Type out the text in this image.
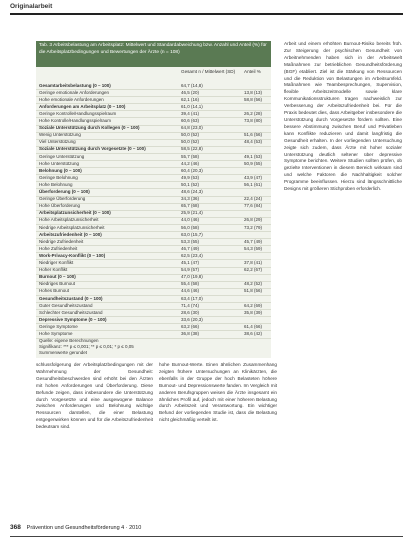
Originalarbeit
Tab. 3 Arbeitsbelastung am Arbeitsplatz: Mittelwert und Standardabweichung bzw. Anzahl und Anteil (%) für die Arbeitsplatzbedingungen und Bewertungen der Ärzte (n = 108)
Gesamt n / Mittelwert (SD) Anteil %
Gesamtarbeitsbelastung (0 – 100)	64,7 (14,8)
Geringe emotionale Anforderungen	46,5 (20)	13,8 (13)
Hohe emotionale Anforderungen	62,1 (16)	58,8 (56)
Anforderungen am Arbeitsplatz (0 – 100)	61,0 (14,1)
Geringe Kontrolle/Handlungsspielraum	39,4 (41)	26,2 (28)
Hohe Kontrolle/Handlungsspielraum	60,6 (63)	73,8 (80)
Soziale Unterstützung durch Kollegen (0 – 100)	64,8 (23,0)
Wenig Unterstützung	50,0 (52)	51,6 (56)
Viel Unterstützung	50,0 (52)	48,4 (53)
Soziale Unterstützung durch Vorgesetzte (0 – 100)	58,5 (22,8)
Geringe Unterstützung	55,7 (58)	49,1 (53)
Hohe Unterstützung	44,2 (46)	50,9 (55)
Belohnung (0 – 100)	60,4 (20,3)
Geringe Belohnung	49,9 (53)	43,9 (47)
Hohe Belohnung	50,1 (52)	56,1 (61)
Überforderung (0 – 100)	48,6 (24,3)
Geringe Überforderung	34,3 (36)	22,4 (24)
Hohe Überforderung	65,7 (68)	77,6 (84)
Arbeitsplatzunsicherheit (0 – 100)	25,9 (21,4)
Hohe Arbeitsplatzunsicherheit	44,0 (46)	26,8 (29)
Niedrige Arbeitsplatzunsicherheit	56,0 (58)	73,2 (79)
Arbeitszufriedenheit (0 – 100)	63,0 (15,7)
Niedrige Zufriedenheit	53,3 (55)	45,7 (49)
Hohe Zufriedenheit	46,7 (49)	54,3 (59)
Work-Privacy-Konflikt (0 – 100)	62,5 (23,4)
Niedriger Konflikt	45,1 (47)	37,8 (41)
Hoher Konflikt	54,9 (57)	62,2 (67)
Burnout (0 – 100)	47,0 (19,8)
Niedriges Burnout	55,4 (58)	48,2 (52)
Hohes Burnout	44,6 (46)	51,8 (56)
Gesundheitszustand (0 – 100)	63,4 (17,0)
Guter Gesundheitszustand	71,4 (74)	64,2 (69)
Schlechter Gesundheitszustand	28,6 (30)	35,8 (39)
Depressive Symptome (0 – 100)	33,6 (20,3)
Geringe Symptome	63,2 (66)	61,4 (66)
Hohe Symptome	36,8 (38)	38,6 (42)
Quelle: eigene Berechnungen
Signifikanz: *** p ≤ 0,001; ** p ≤ 0,01; * p ≤ 0,05
Summenwerte gerundet
schlussfolgerung der Arbeitsplatzbedingungen mit der Wahrnehmung der Gesundheit: Gesundheitsbeschwerden sind erhöht bei den Ärzten mit hohen Anforderungen und Überforderung. Diese Befunde zeigen, dass insbesondere die Unterstützung durch Vorgesetzte und eine ausgewogene Balance zwischen Anforderungen und Belohnung wichtige Ressourcen darstellen, die einer Belastung entgegenwirken können und für die Arbeitszufriedenheit bedeutsam sind.
hohe Burnout-Werte. Einen ähnlichen Zusammenhang zeigten frühere Untersuchungen an Klinikärzten, die ebenfalls in der Gruppe der hoch Belasteten höhere Burnout- und Depressionswerte fanden. Im Vergleich mit anderen Berufsgruppen weisen die Ärzte insgesamt ein ähnliches Profil auf, jedoch mit einer höheren Belastung durch Arbeitszeit und Verantwortung. Ein wichtiger Befund der vorliegenden Studie ist, dass die Belastung nicht gleichmäßig verteilt ist.
Arbeit und einem erhöhten Burnout-Risiko bereits früh. Zur Steigerung der psychischen Gesundheit von Arbeitnehmenden haben sich in der Arbeitswelt Maßnahmen zur betrieblichen Gesundheitsförderung (BGF) etabliert. Ziel ist die Stärkung von Ressourcen und die Reduktion von Belastungen im Arbeitsumfeld. Maßnahmen wie Teambesprechungen, Supervision, flexible Arbeitszeitmodelle sowie klare Kommunikationsstrukturen tragen nachweislich zur Verbesserung der Arbeitszufriedenheit bei. Für die Praxis bedeutet dies, dass Arbeitgeber insbesondere die Unterstützung durch Vorgesetzte fördern sollten. Eine bessere Abstimmung zwischen Beruf und Privatleben kann Konflikte reduzieren und damit langfristig die Gesundheit erhalten. In der vorliegenden Untersuchung zeigte sich zudem, dass Ärzte mit hoher sozialer Unterstützung deutlich seltener über depressive Symptome berichten. Weitere Studien sollten prüfen, ob gezielte Interventionen in diesem Bereich wirksam sind und welche Faktoren die Nachhaltigkeit solcher Programme beeinflussen. Hierzu sind längsschnittliche Designs mit größeren Stichproben erforderlich.
368 Prävention und Gesundheitsförderung 4 · 2010
